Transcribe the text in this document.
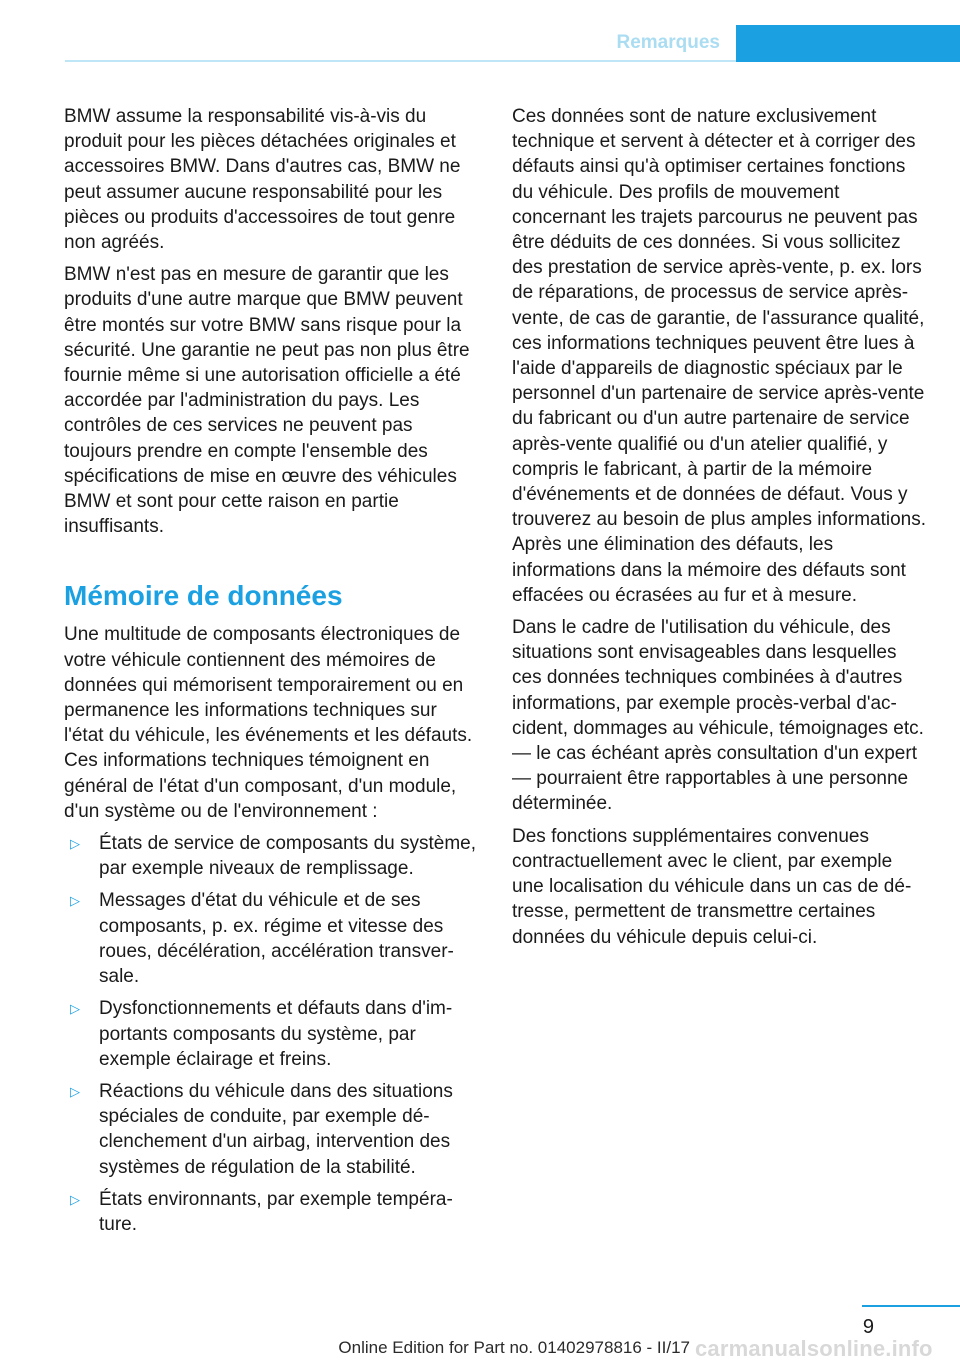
Remarques

BMW assume la responsabilité vis-à-vis du produit pour les pièces détachées originales et accessoires BMW. Dans d'autres cas, BMW ne peut assumer aucune responsabilité pour les pièces ou produits d'accessoires de tout genre non agréés.

BMW n'est pas en mesure de garantir que les produits d'une autre marque que BMW peuvent être montés sur votre BMW sans risque pour la sécurité. Une garantie ne peut pas non plus être fournie même si une autorisation officielle a été accordée par l'administration du pays. Les contrôles de ces services ne peuvent pas toujours prendre en compte l'ensemble des spécifications de mise en œuvre des véhicules BMW et sont pour cette raison en partie insuffisants.

Mémoire de données

Une multitude de composants électroniques de votre véhicule contiennent des mémoires de données qui mémorisent temporairement ou en permanence les informations techniques sur l'état du véhicule, les événements et les défauts. Ces informations techniques témoignent en général de l'état d'un composant, d'un module, d'un système ou de l'environnement :

▷ États de service de composants du système, par exemple niveaux de remplissage.
▷ Messages d'état du véhicule et de ses composants, p. ex. régime et vitesse des roues, décélération, accélération transversale.
▷ Dysfonctionnements et défauts dans d'importants composants du système, par exemple éclairage et freins.
▷ Réactions du véhicule dans des situations spéciales de conduite, par exemple déclenchement d'un airbag, intervention des systèmes de régulation de la stabilité.
▷ États environnants, par exemple température.

Ces données sont de nature exclusivement technique et servent à détecter et à corriger des défauts ainsi qu'à optimiser certaines fonctions du véhicule. Des profils de mouvement concernant les trajets parcourus ne peuvent pas être déduits de ces données. Si vous sollicitez des prestation de service après-vente, p. ex. lors de réparations, de processus de service après-vente, de cas de garantie, de l'assurance qualité, ces informations techniques peuvent être lues à l'aide d'appareils de diagnostic spéciaux par le personnel d'un partenaire de service après-vente du fabricant ou d'un autre partenaire de service après-vente qualifié ou d'un atelier qualifié, y compris le fabricant, à partir de la mémoire d'événements et de données de défaut. Vous y trouverez au besoin de plus amples informations. Après une élimination des défauts, les informations dans la mémoire des défauts sont effacées ou écrasées au fur et à mesure.

Dans le cadre de l'utilisation du véhicule, des situations sont envisageables dans lesquelles ces données techniques combinées à d'autres informations, par exemple procès-verbal d'accident, dommages au véhicule, témoignages etc. — le cas échéant après consultation d'un expert — pourraient être rapportables à une personne déterminée.

Des fonctions supplémentaires convenues contractuellement avec le client, par exemple une localisation du véhicule dans un cas de détresse, permettent de transmettre certaines données du véhicule depuis celui-ci.

9
Online Edition for Part no. 01402978816 - II/17 carmanualsonline.info
